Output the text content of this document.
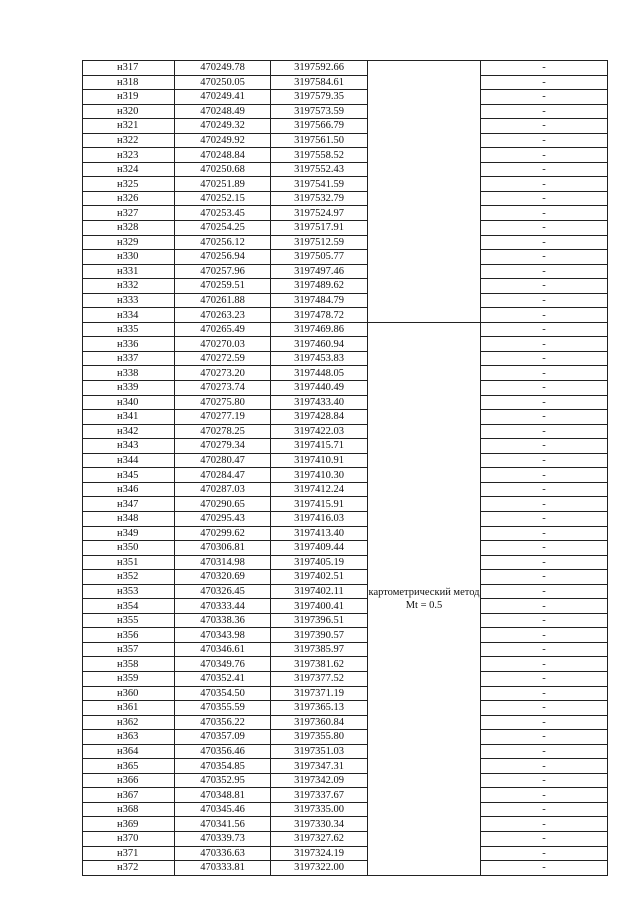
н317	470249.78	3197592.66		-
н318	470250.05	3197584.61		-
н319	470249.41	3197579.35		-
н320	470248.49	3197573.59		-
н321	470249.32	3197566.79		-
н322	470249.92	3197561.50		-
н323	470248.84	3197558.52		-
н324	470250.68	3197552.43		-
н325	470251.89	3197541.59		-
н326	470252.15	3197532.79		-
н327	470253.45	3197524.97		-
н328	470254.25	3197517.91		-
н329	470256.12	3197512.59		-
н330	470256.94	3197505.77		-
н331	470257.96	3197497.46		-
н332	470259.51	3197489.62		-
н333	470261.88	3197484.79		-
н334	470263.23	3197478.72		-
н335	470265.49	3197469.86	картометрический метод Mt = 0.5	-
н336	470270.03	3197460.94		-
н337	470272.59	3197453.83		-
н338	470273.20	3197448.05		-
н339	470273.74	3197440.49		-
н340	470275.80	3197433.40		-
н341	470277.19	3197428.84		-
н342	470278.25	3197422.03		-
н343	470279.34	3197415.71		-
н344	470280.47	3197410.91		-
н345	470284.47	3197410.30		-
н346	470287.03	3197412.24		-
н347	470290.65	3197415.91		-
н348	470295.43	3197416.03		-
н349	470299.62	3197413.40		-
н350	470306.81	3197409.44		-
н351	470314.98	3197405.19		-
н352	470320.69	3197402.51		-
н353	470326.45	3197402.11		-
н354	470333.44	3197400.41		-
н355	470338.36	3197396.51		-
н356	470343.98	3197390.57		-
н357	470346.61	3197385.97		-
н358	470349.76	3197381.62		-
н359	470352.41	3197377.52		-
н360	470354.50	3197371.19		-
н361	470355.59	3197365.13		-
н362	470356.22	3197360.84		-
н363	470357.09	3197355.80		-
н364	470356.46	3197351.03		-
н365	470354.85	3197347.31		-
н366	470352.95	3197342.09		-
н367	470348.81	3197337.67		-
н368	470345.46	3197335.00		-
н369	470341.56	3197330.34		-
н370	470339.73	3197327.62		-
н371	470336.63	3197324.19		-
н372	470333.81	3197322.00		-
